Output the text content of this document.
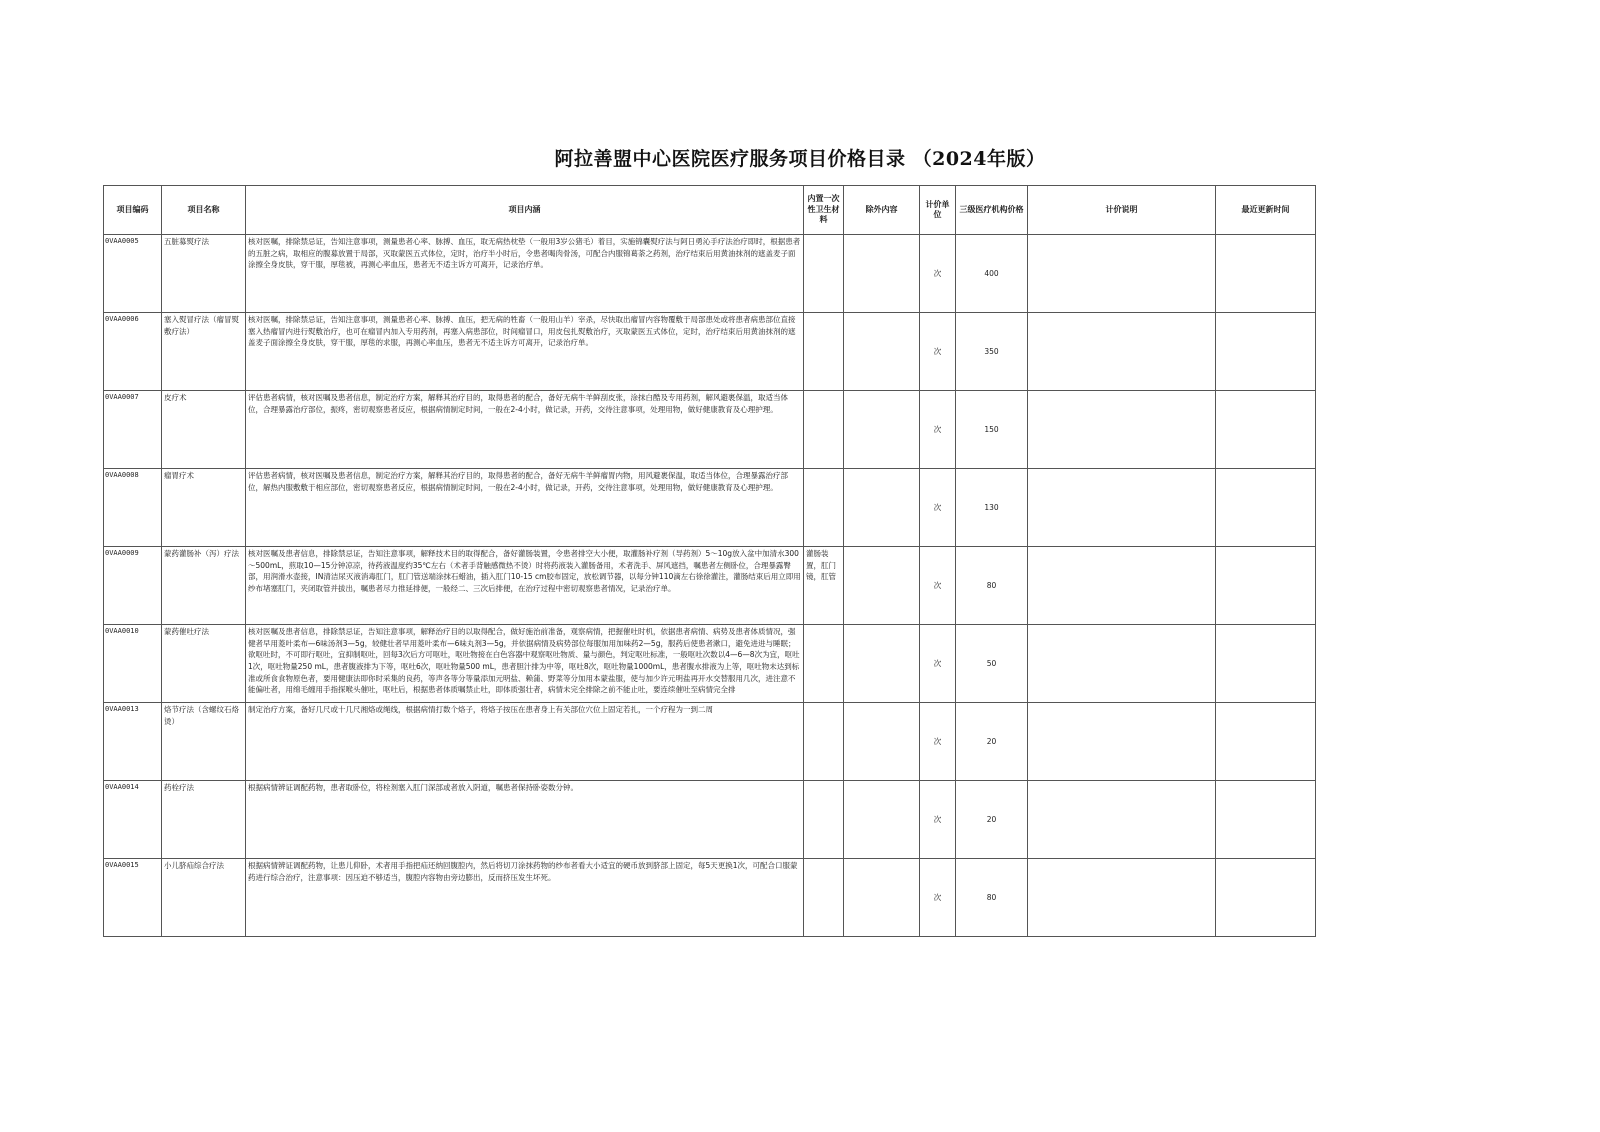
阿拉善盟中心医院医疗服务项目价格目录 （2024年版）
项目编码	项目名称	项目内涵	内置一次性卫生材料	除外内容	计价单位	三级医疗机构价格	计价说明	最近更新时间
0VAA0005	五脏募熨疗法	核对医嘱，排除禁忌证，告知注意事项，测量患者心率、脉搏、血压，取无病热枕垫（一般用3岁公猪毛）着目，实施锦囊熨疗法与阿日勇沁手疗法治疗即时，根据患者的五脏之病，取相应的腹募放置于局部，灭取蒙医五式体位，定时，治疗半小时后，令患者喝肉骨汤，可配合内服锦葛荼之药剂，治疗结束后用黄油抹剂的遮盖麦子面涂擦全身皮肤，穿干服，厚毯被，再测心率血压，患者无不适主诉方可离开，记录治疗单。			次	400		
0VAA0006	塞入熨冒疗法（瘤冒熨敷疗法）	核对医嘱，排除禁忌证，告知注意事项，测量患者心率、脉搏、血压，把无病的牲畜（一般用山羊）宰杀，尽快取出瘤冒内容物覆敷于局部患处或将患者病患部位直接塞入热瘤冒内进行熨敷治疗，也可在瘤冒内加入专用药剂，再塞入病患部位，时间瘤冒口，用皮包扎熨敷治疗，灭取蒙医五式体位，定时，治疗结束后用黄油抹剂的遮盖麦子面涂擦全身皮肤，穿干服，厚毯的求服，再测心率血压，患者无不适主诉方可离开，记录治疗单。			次	350		
0VAA0007	皮疗术	评估患者病情，核对医嘱及患者信息，制定治疗方案，解释其治疗目的，取得患者的配合，备好无病牛羊鲜刮皮张，涂抹白酷及专用药剂，解风避裹保温，取适当体位，合理暴露治疗部位，振疼，密切观察患者反应，根据病情制定时间，一般在2-4小时，做记录，开药，交待注意事项，处理用物，做好健康教育及心理护理。			次	150		
0VAA0008	瘤胃疗术	评估患者病情，核对医嘱及患者信息，制定治疗方案，解释其治疗目的，取得患者的配合，备好无病牛羊鲜瘤胃内物，用风避裹保温，取适当体位，合理暴露治疗部位，解热内服敷敷于相应部位，密切观察患者反应，根据病情制定时间，一般在2-4小时，做记录，开药，交待注意事项，处理用物，做好健康教育及心理护理。			次	130		
0VAA0009	蒙药灌肠补（泻）疗法	核对医嘱及患者信息，排除禁忌证，告知注意事项，解释技术目的取得配合，备好灌肠装置，令患者排空大小便，取灌肠补疗剂（导药剂）5～10g放入盆中加清水300～500mL，煎取10—15分钟凉凉，待药液温度约35℃左右（术者手背触感微热不烫）时将药液装入灌肠备用，术者洗手、屏风遮挡，嘱患者左侧卧位，合理暴露臀部，用润滑水壶接，IN清洁尿灭液消毒肛门，肛门管送端涂抹石蜡油，插入肛门10-15 cm胶布固定，放松调节器，以每分钟110滴左右徐徐灌注，灌肠结束后用立即用纱布堵塞肛门，夹闭取管并拔出，嘱患者尽力推延排便，一般经二、三次后排便，在治疗过程中密切观察患者情况，记录治疗单。	灌肠装置，肛门镜，肛管		次	80		
0VAA0010	蒙药催吐疗法	核对医嘱及患者信息，排除禁忌证，告知注意事项，解释治疗目的以取得配合，做好施治前准备，观察病情，把握催吐时机，依据患者病情、病势及患者体质情况，强健者早用菱叶柔布—6味汤剂3—5g，较健壮者早用菱叶柔布—6味丸剂3—5g，并依据病情及病势部位每服加用加味药2—5g，服药后使患者漱口，避免进进与睡眠；欲呕吐时，不可即行呕吐，宜抑制呕吐，回每3次后方可呕吐，呕吐物接在白色容器中观察呕吐物质、量与颜色，判定呕吐标准，一般呕吐次数以4—6—8次为宜，呕吐1次，呕吐物量250 mL，患者腹液排为下等，呕吐6次，呕吐物量500 mL，患者胆汁排为中等，呕吐8次，呕吐物量1000mL，患者腹水排液为上等，呕吐物未达到标准或所食食物原色者，要用健康法即你时采集的良药，等声各等分等量添加元明盐、赖蒲、野菜等分加用本蒙盐服，使与加少许元明盐再开水交替服用几次，进注意不能偏吐者，用绵毛缠用手指探喉头催吐，呕吐后，根据患者体质嘱禁止吐，即体质强壮者，病情未完全排除之前不能止吐，要连续催吐至病情完全排			次	50		
0VAA0013	烙节疗法（含螺纹石烙烫）	制定治疗方案，备好几尺或十几尺湘烙或绳线，根据病情打数个烙子，将烙子按压在患者身上有关部位穴位上固定若扎，一个疗程为一到二周			次	20		
0VAA0014	药栓疗法	根据病情辨证调配药物，患者取卧位，将栓剂塞入肛门深部或者放入阴道，嘱患者保持卧姿数分钟。			次	20		
0VAA0015	小儿脐疝综合疗法	根据病情辨证调配药物，让患儿仰卧，术者用手指把疝还纳回腹腔内，然后将切刀涂抹药物的纱布者看大小适宜的硬币放到脐部上固定，每5天更换1次，可配合口服蒙药进行综合治疗，注意事项：因压迫不够适当，腹腔内容物由旁边膨出，反而挤压发生坏死。			次	80		
